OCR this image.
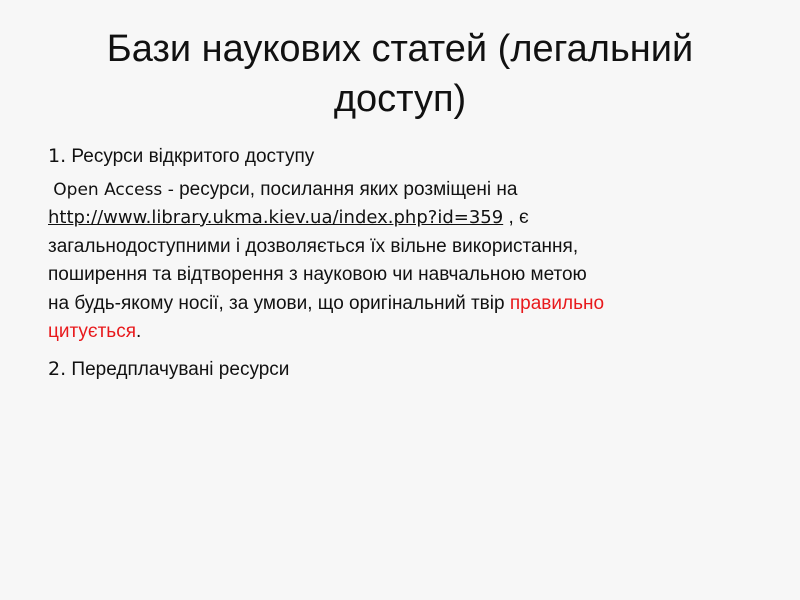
Бази наукових статей (легальний
доступ)

1. Ресурси відкритого доступу

Open Access - ресурси, посилання яких розміщені на
http://www.library.ukma.kiev.ua/index.php?id=359 , є
загальнодоступними і дозволяється їх вільне використання,
поширення та відтворення з науковою чи навчальною метою
на будь-якому носії, за умови, що оригінальний твір правильно
цитується.

2. Передплачувані ресурси
